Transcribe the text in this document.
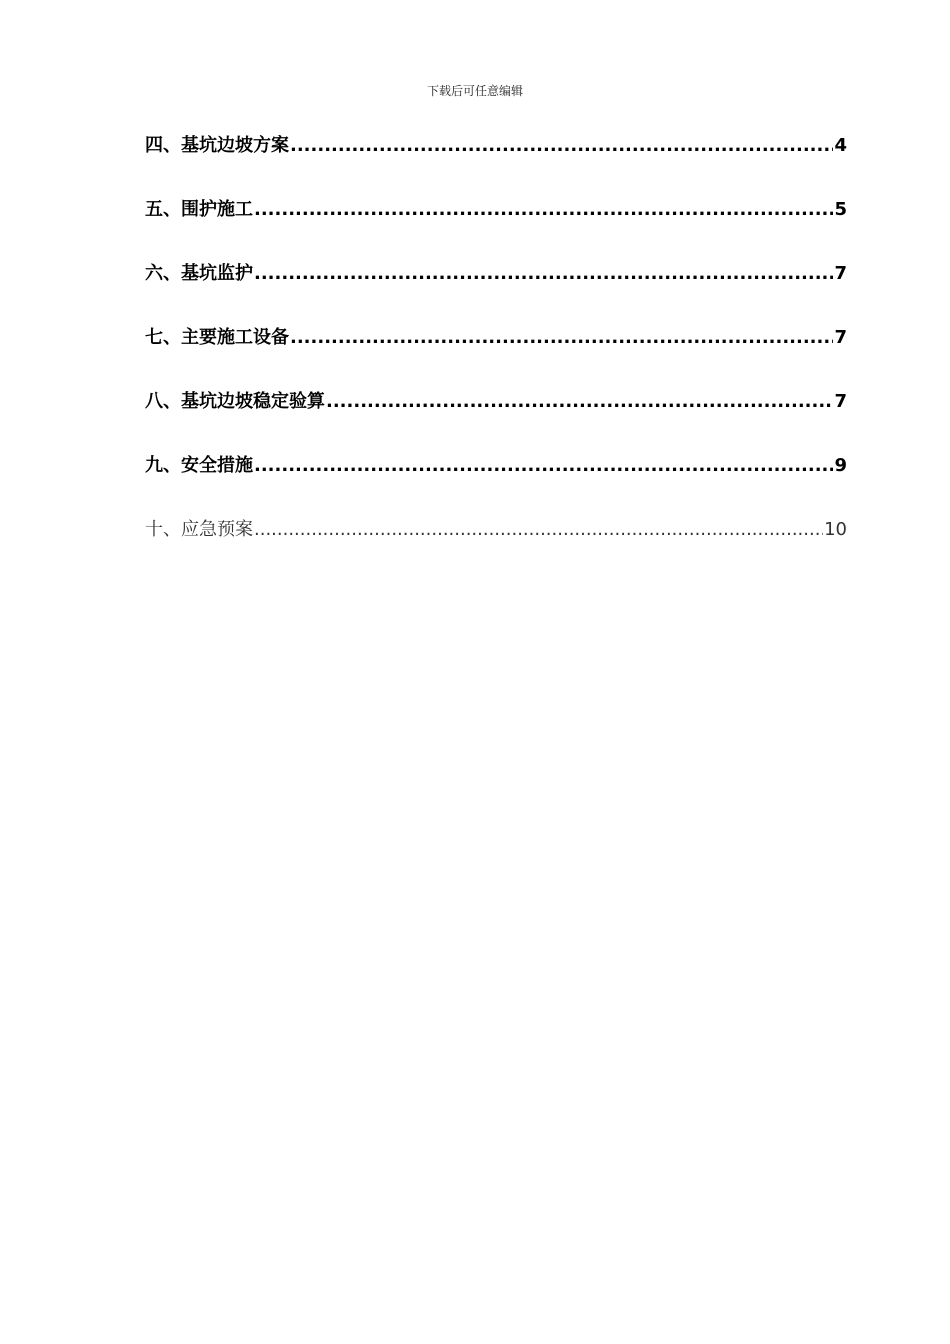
下载后可任意编辑
四、基坑边坡方案 .....	4
五、围护施工 .....	5
六、基坑监护 .....	7
七、主要施工设备 .....	7
八、基坑边坡稳定验算 .....	7
九、安全措施 .....	9
十、应急预案 .....	10
